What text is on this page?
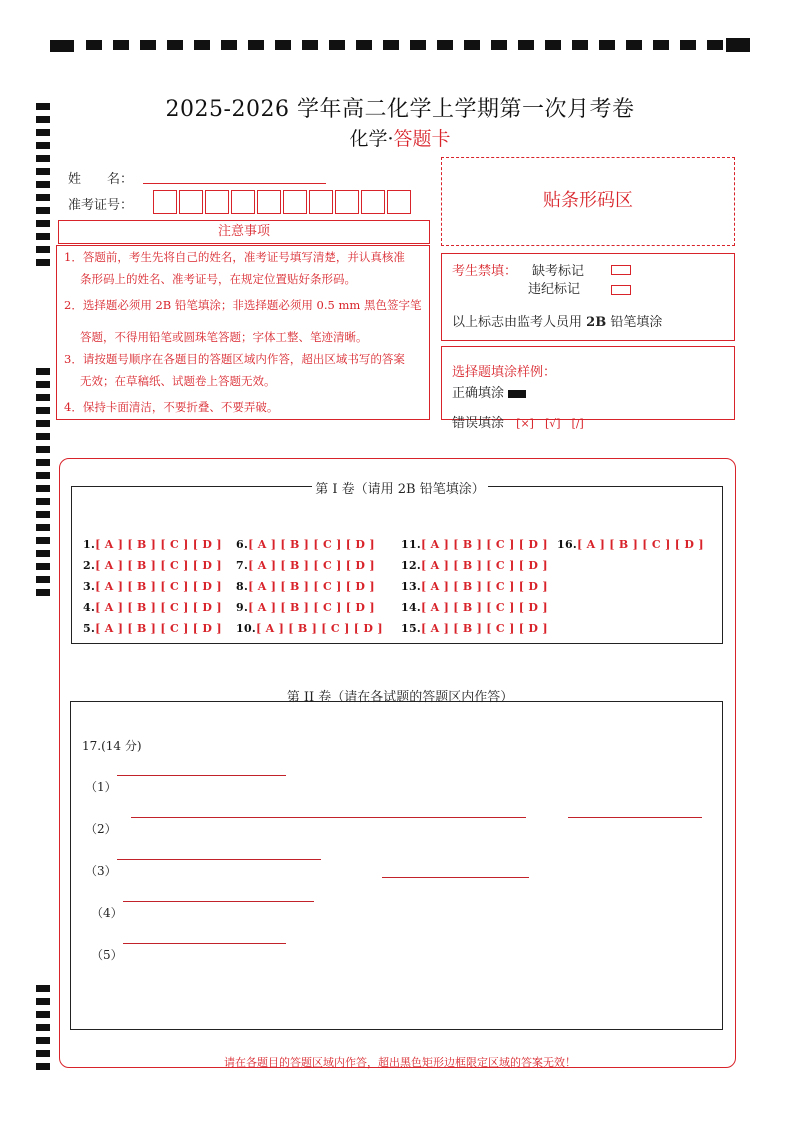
2025-2026 学年高二化学上学期第一次月考卷
化学·答题卡
姓　　名：
准考证号：
注意事项
1．答题前，考生先将自己的姓名，准考证号填写清楚，并认真核准
条形码上的姓名、准考证号，在规定位置贴好条形码。
2．选择题必须用 2B 铅笔填涂；非选择题必须用 0.5 mm 黑色签字笔
答题，不得用铅笔或圆珠笔答题；字体工整、笔迹清晰。
3．请按题号顺序在各题目的答题区域内作答，超出区域书写的答案
无效；在草稿纸、试题卷上答题无效。
4．保持卡面清洁，不要折叠、不要弄破。
贴条形码区
考生禁填： 缺考标记
违纪标记
以上标志由监考人员用 2B 铅笔填涂
选择题填涂样例：
正确填涂
错误填涂 [×]　[√]　[/]
第 I 卷（请用 2B 铅笔填涂）
1.[ A ] [ B ] [ C ] [ D ]
2.[ A ] [ B ] [ C ] [ D ]
3.[ A ] [ B ] [ C ] [ D ]
4.[ A ] [ B ] [ C ] [ D ]
5.[ A ] [ B ] [ C ] [ D ]
6.[ A ] [ B ] [ C ] [ D ]
7.[ A ] [ B ] [ C ] [ D ]
8.[ A ] [ B ] [ C ] [ D ]
9.[ A ] [ B ] [ C ] [ D ]
10.[ A ] [ B ] [ C ] [ D ]
11.[ A ] [ B ] [ C ] [ D ]
12.[ A ] [ B ] [ C ] [ D ]
13.[ A ] [ B ] [ C ] [ D ]
14.[ A ] [ B ] [ C ] [ D ]
15.[ A ] [ B ] [ C ] [ D ]
16.[ A ] [ B ] [ C ] [ D ]
第 II 卷（请在各试题的答题区内作答）
17.(14 分)
（1）
（2）
（3）
（4）
（5）
请在各题目的答题区域内作答，超出黑色矩形边框限定区域的答案无效！
